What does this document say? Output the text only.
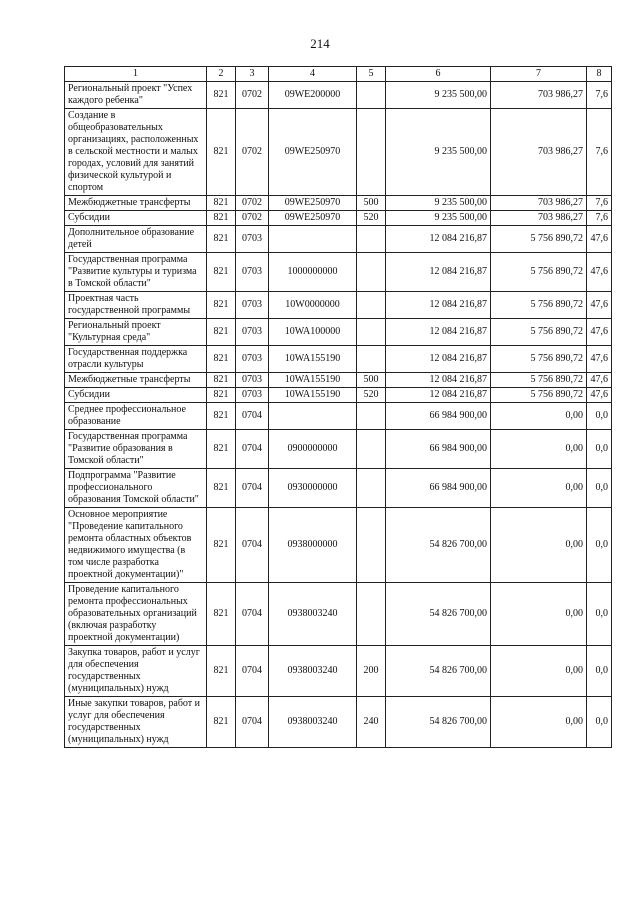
214
1	2	3	4	5	6	7	8
Региональный проект "Успех каждого ребенка"	821	0702	09WE200000		9 235 500,00	703 986,27	7,6
Создание в общеобразовательных организациях, расположенных в сельской местности и малых городах, условий для занятий физической культурой и спортом	821	0702	09WE250970		9 235 500,00	703 986,27	7,6
Межбюджетные трансферты	821	0702	09WE250970	500	9 235 500,00	703 986,27	7,6
Субсидии	821	0702	09WE250970	520	9 235 500,00	703 986,27	7,6
Дополнительное образование детей	821	0703			12 084 216,87	5 756 890,72	47,6
Государственная программа "Развитие культуры и туризма в Томской области"	821	0703	1000000000		12 084 216,87	5 756 890,72	47,6
Проектная часть государственной программы	821	0703	10W0000000		12 084 216,87	5 756 890,72	47,6
Региональный проект "Культурная среда"	821	0703	10WA100000		12 084 216,87	5 756 890,72	47,6
Государственная поддержка отрасли культуры	821	0703	10WA155190		12 084 216,87	5 756 890,72	47,6
Межбюджетные трансферты	821	0703	10WA155190	500	12 084 216,87	5 756 890,72	47,6
Субсидии	821	0703	10WA155190	520	12 084 216,87	5 756 890,72	47,6
Среднее профессиональное образование	821	0704			66 984 900,00	0,00	0,0
Государственная программа "Развитие образования в Томской области"	821	0704	0900000000		66 984 900,00	0,00	0,0
Подпрограмма "Развитие профессионального образования Томской области"	821	0704	0930000000		66 984 900,00	0,00	0,0
Основное мероприятие "Проведение капитального ремонта областных объектов недвижимого имущества (в том числе разработка проектной документации)"	821	0704	0938000000		54 826 700,00	0,00	0,0
Проведение капитального ремонта профессиональных образовательных организаций (включая разработку проектной документации)	821	0704	0938003240		54 826 700,00	0,00	0,0
Закупка товаров, работ и услуг для обеспечения государственных (муниципальных) нужд	821	0704	0938003240	200	54 826 700,00	0,00	0,0
Иные закупки товаров, работ и услуг для обеспечения государственных (муниципальных) нужд	821	0704	0938003240	240	54 826 700,00	0,00	0,0
